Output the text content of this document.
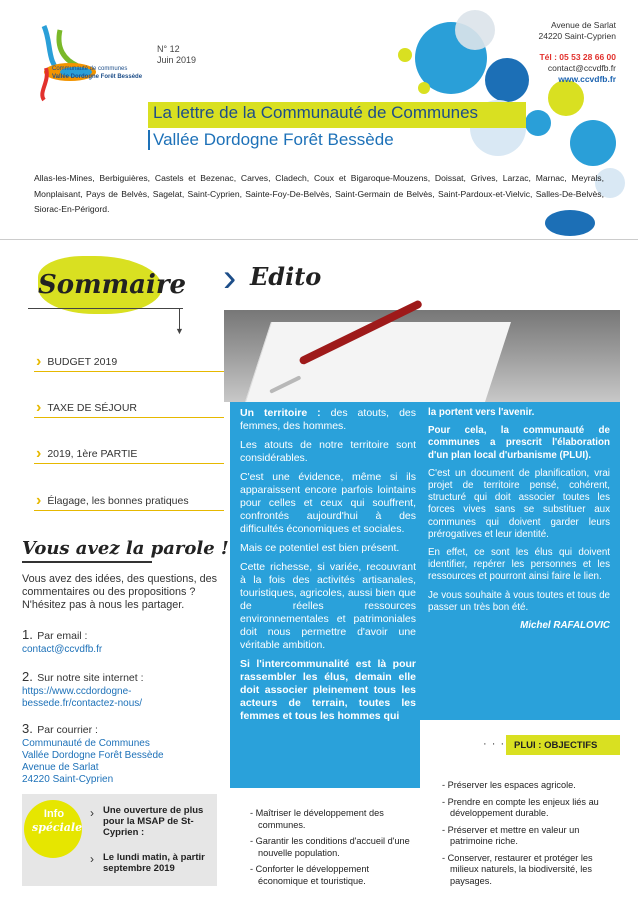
Communauté de communes
Vallée Dordogne Forêt Bessède
N° 12
Juin 2019
Avenue de Sarlat
24220 Saint-Cyprien
Tél : 05 53 28 66 00
contact@ccvdfb.fr
www.ccvdfb.fr
La lettre de la Communauté de Communes
Vallée Dordogne Forêt Bessède
Allas-les-Mines, Berbiguières, Castels et Bezenac, Carves, Cladech, Coux et Bigaroque-Mouzens, Doissat, Grives, Larzac, Marnac, Meyrals, Monplaisant, Pays de Belvès, Sagelat, Saint-Cyprien, Sainte-Foy-De-Belvès, Saint-Germain de Belvès, Saint-Pardoux-et-Vielvic, Salles-De-Belvès, Siorac-En-Périgord.
Sommaire
▼
› BUDGET 2019
› TAXE DE SÉJOUR
› 2019, 1ère PARTIE
› Élagage, les bonnes pratiques
Vous avez la parole !
Vous avez des idées, des questions, des commentaires ou des propositions ? N'hésitez pas à nous les partager.
1. Par email :
contact@ccvdfb.fr
2. Sur notre site internet :
https://www.ccdordogne-bessede.fr/contactez-nous/
3. Par courrier :
Communauté de Communes
Vallée Dordogne Forêt Bessède
Avenue de Sarlat
24220 Saint-Cyprien
Info
spéciale
› Une ouverture de plus pour la MSAP de St-Cyprien :
› Le lundi matin, à partir septembre 2019
› Edito

Un territoire : des atouts, des femmes, des hommes.

Les atouts de notre territoire sont considérables.

C'est une évidence, même si ils apparaissent encore parfois lointains pour celles et ceux qui souffrent, confrontés aujourd'hui à des difficultés économiques et sociales.

Mais ce potentiel est bien présent.

Cette richesse, si variée, recouvrant à la fois des activités artisanales, touristiques, agricoles, aussi bien que de réelles ressources environnementales et patrimoniales doit nous permettre d'avoir une véritable ambition.

Si l'intercommunalité est là pour rassembler les élus, demain elle doit associer pleinement tous les acteurs de terrain, toutes les femmes et tous les hommes qui

la portent vers l'avenir.

Pour cela, la communauté de communes a prescrit l'élaboration d'un plan local d'urbanisme (PLUI).

C'est un document de planification, vrai projet de territoire pensé, cohérent, structuré qui doit associer toutes les forces vives sans se substituer aux communes qui doivent garder leurs prérogatives et leur identité.

En effet, ce sont les élus qui doivent identifier, repérer les personnes et les ressources et pourront ainsi faire le lien.

Je vous souhaite à vous toutes et tous de passer un très bon été.

Michel RAFALOVIC

· · · PLUI : OBJECTIFS
- Maîtriser le développement des communes.
- Garantir les conditions d'accueil d'une nouvelle population.
- Conforter le développement économique et touristique.
- Préserver les espaces agricole.
- Prendre en compte les enjeux liés au développement durable.
- Préserver et mettre en valeur un patrimoine riche.
- Conserver, restaurer et protéger les milieux naturels, la biodiversité, les paysages.
